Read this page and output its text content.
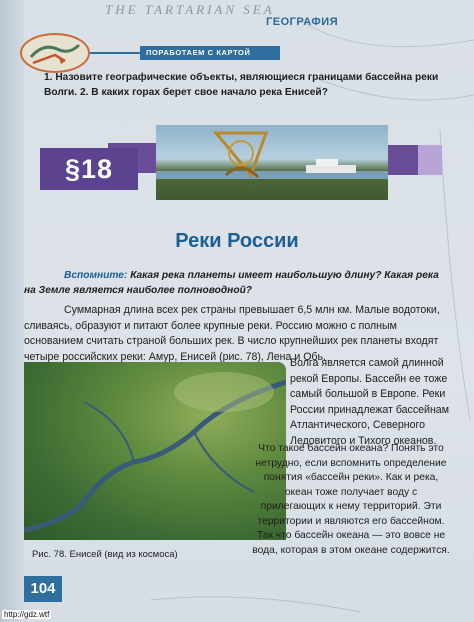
THE TARTARIAN SEA
ГЕОГРАФИЯ
ПОРАБОТАЕМ С КАРТОЙ
1. Назовите географические объекты, являющиеся границами бассейна реки Волги. 2. В каких горах берет свое начало река Енисей?
§18
Реки России
Вспомните: Какая река планеты имеет наибольшую длину? Какая река на Земле является наиболее полноводной?
Суммарная длина всех рек страны превышает 6,5 млн км. Малые водотоки, сливаясь, образуют и питают более крупные реки. Россию можно с полным основанием считать страной больших рек. В число крупнейших рек планеты входят четыре российских реки: Амур, Енисей (рис. 78), Лена и Обь.
Рис. 78. Енисей (вид из космоса)
Волга является самой длинной рекой Европы. Бассейн ее тоже самый большой в Европе. Реки России принадлежат бассейнам Атлантического, Северного Ледовитого и Тихого океанов.
Что такое бассейн океана? Понять это нетрудно, если вспомнить определение понятия «бассейн реки». Как и река, океан тоже получает воду с прилегающих к нему территорий. Эти территории и являются его бассейном. Так что бассейн океана — это вовсе не вода, которая в этом океане содержится.
104
http://gdz.wtf
